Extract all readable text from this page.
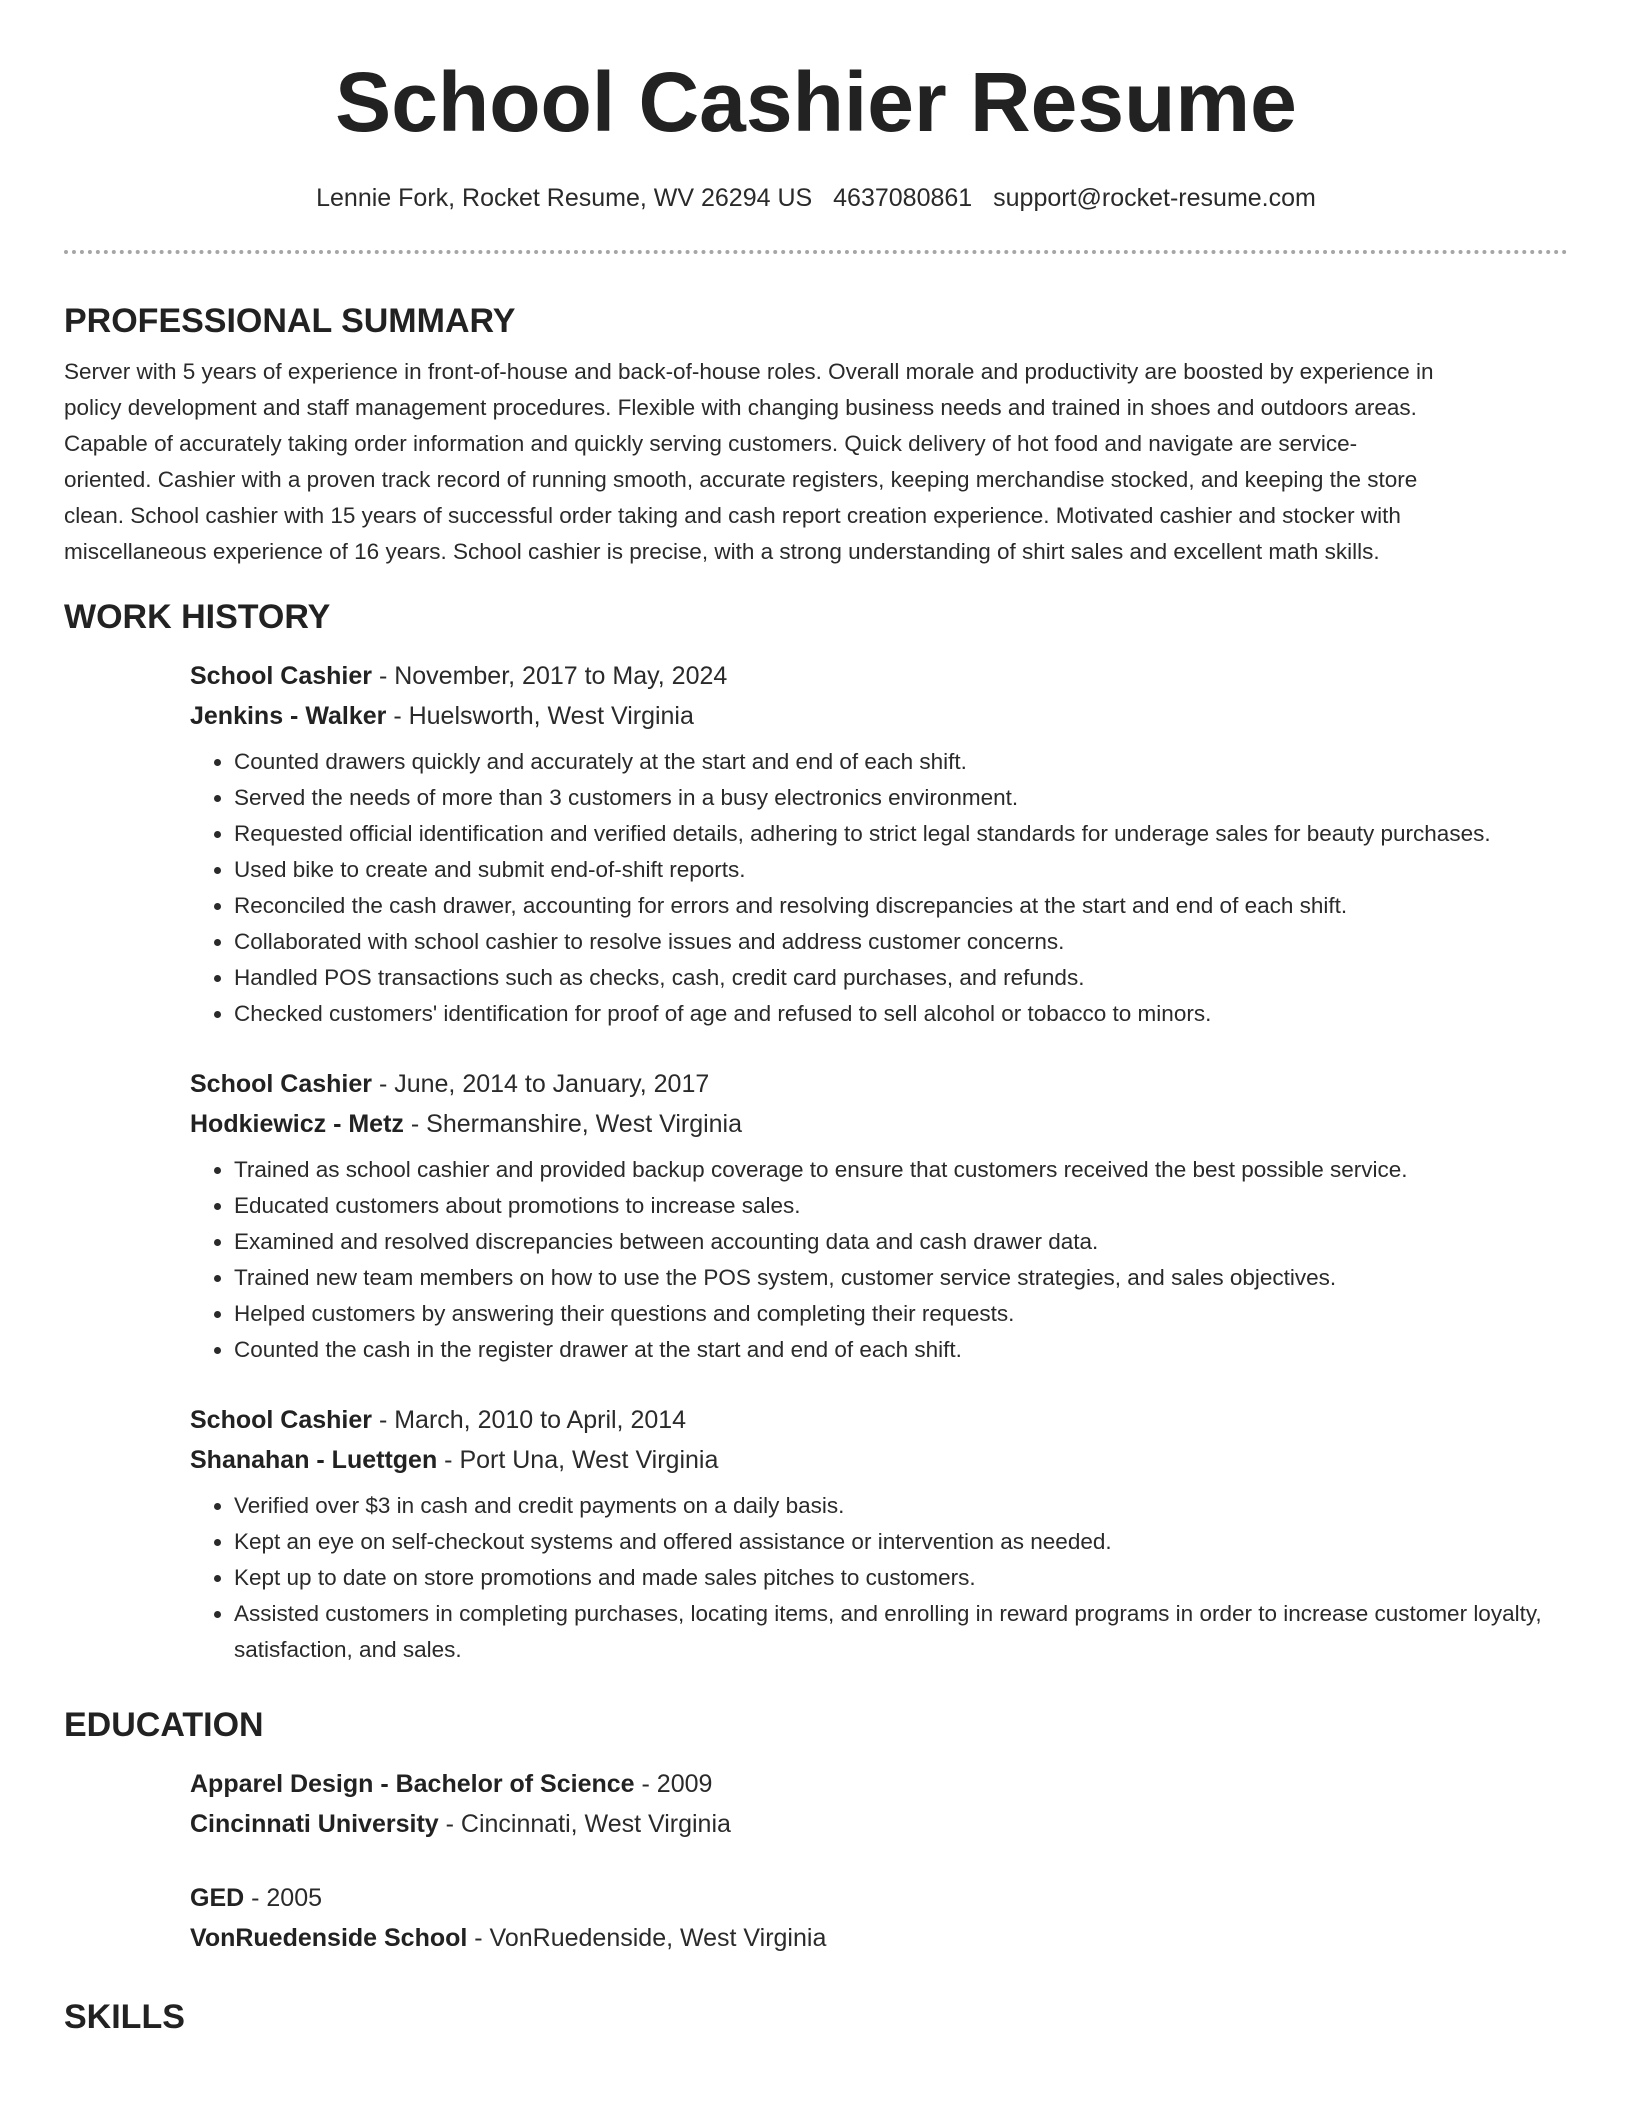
School Cashier Resume
Lennie Fork, Rocket Resume, WV 26294 US 4637080861 support@rocket-resume.com
PROFESSIONAL SUMMARY

Server with 5 years of experience in front-of-house and back-of-house roles. Overall morale and productivity are boosted by experience in policy development and staff management procedures. Flexible with changing business needs and trained in shoes and outdoors areas. Capable of accurately taking order information and quickly serving customers. Quick delivery of hot food and navigate are service-oriented. Cashier with a proven track record of running smooth, accurate registers, keeping merchandise stocked, and keeping the store clean. School cashier with 15 years of successful order taking and cash report creation experience. Motivated cashier and stocker with miscellaneous experience of 16 years. School cashier is precise, with a strong understanding of shirt sales and excellent math skills.

WORK HISTORY
School Cashier - November, 2017 to May, 2024
Jenkins - Walker - Huelsworth, West Virginia
• Counted drawers quickly and accurately at the start and end of each shift.
• Served the needs of more than 3 customers in a busy electronics environment.
• Requested official identification and verified details, adhering to strict legal standards for underage sales for beauty purchases.
• Used bike to create and submit end-of-shift reports.
• Reconciled the cash drawer, accounting for errors and resolving discrepancies at the start and end of each shift.
• Collaborated with school cashier to resolve issues and address customer concerns.
• Handled POS transactions such as checks, cash, credit card purchases, and refunds.
• Checked customers' identification for proof of age and refused to sell alcohol or tobacco to minors.
School Cashier - June, 2014 to January, 2017
Hodkiewicz - Metz - Shermanshire, West Virginia
• Trained as school cashier and provided backup coverage to ensure that customers received the best possible service.
• Educated customers about promotions to increase sales.
• Examined and resolved discrepancies between accounting data and cash drawer data.
• Trained new team members on how to use the POS system, customer service strategies, and sales objectives.
• Helped customers by answering their questions and completing their requests.
• Counted the cash in the register drawer at the start and end of each shift.
School Cashier - March, 2010 to April, 2014
Shanahan - Luettgen - Port Una, West Virginia
• Verified over $3 in cash and credit payments on a daily basis.
• Kept an eye on self-checkout systems and offered assistance or intervention as needed.
• Kept up to date on store promotions and made sales pitches to customers.
• Assisted customers in completing purchases, locating items, and enrolling in reward programs in order to increase customer loyalty, satisfaction, and sales.
EDUCATION
Apparel Design - Bachelor of Science - 2009
Cincinnati University - Cincinnati, West Virginia
GED - 2005
VonRuedenside School - VonRuedenside, West Virginia
SKILLS
